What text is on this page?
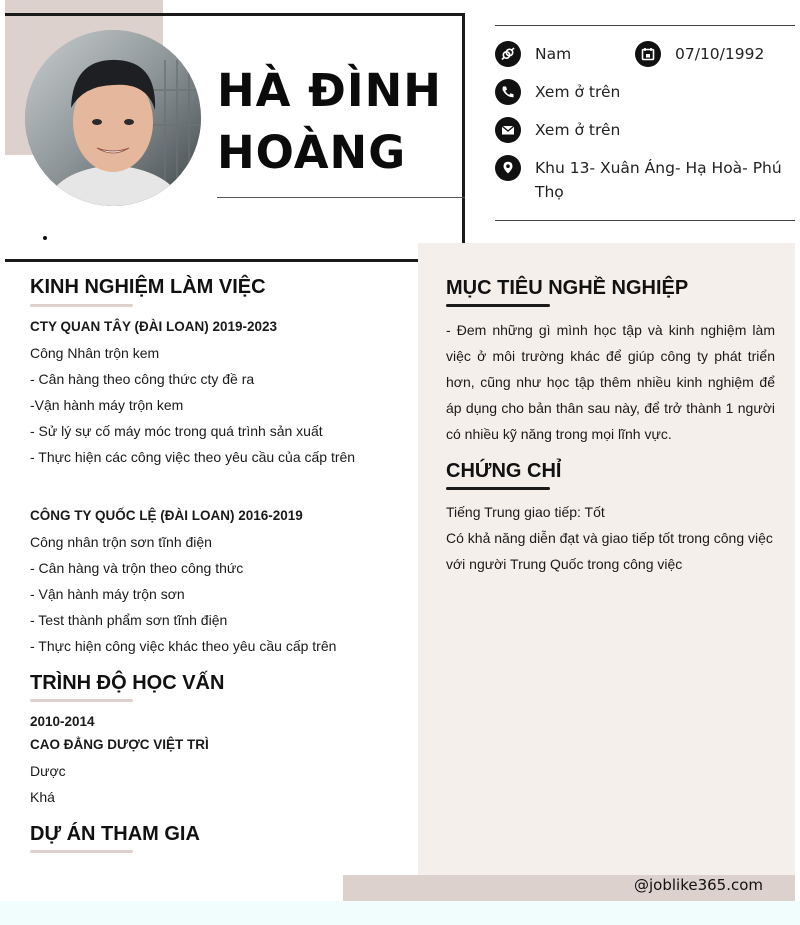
HÀ ĐÌNH HOÀNG
Nam	07/10/1992
Xem ở trên
Xem ở trên
Khu 13- Xuân Áng- Hạ Hoà- Phú Thọ
KINH NGHIỆM LÀM VIỆC
CTY QUAN TÂY (ĐÀI LOAN) 2019-2023
Công Nhân trộn kem
- Cân hàng theo công thức cty đề ra
-Vận hành máy trộn kem
- Sử lý sự cố máy móc trong quá trình sản xuất
- Thực hiện các công việc theo yêu cầu của cấp trên
CÔNG TY QUỐC LỆ (ĐÀI LOAN) 2016-2019
Công nhân trộn sơn tĩnh điện
- Cân hàng và trộn theo công thức
- Vận hành máy trộn sơn
- Test thành phẩm sơn tĩnh điện
- Thực hiện công việc khác theo yêu cầu cấp trên
TRÌNH ĐỘ HỌC VẤN
2010-2014
CAO ĐẲNG DƯỢC VIỆT TRÌ
Dược
Khá
DỰ ÁN THAM GIA
MỤC TIÊU NGHỀ NGHIỆP
- Đem những gì mình học tập và kinh nghiệm làm việc ở môi trường khác để giúp công ty phát triển hơn, cũng như học tập thêm nhiều kinh nghiệm để áp dụng cho bản thân sau này, để trở thành 1 người có nhiều kỹ năng trong mọi lĩnh vực.
CHỨNG CHỈ
Tiếng Trung giao tiếp: Tốt
Có khả năng diễn đạt và giao tiếp tốt trong công việc với người Trung Quốc trong công việc
@joblike365.com
